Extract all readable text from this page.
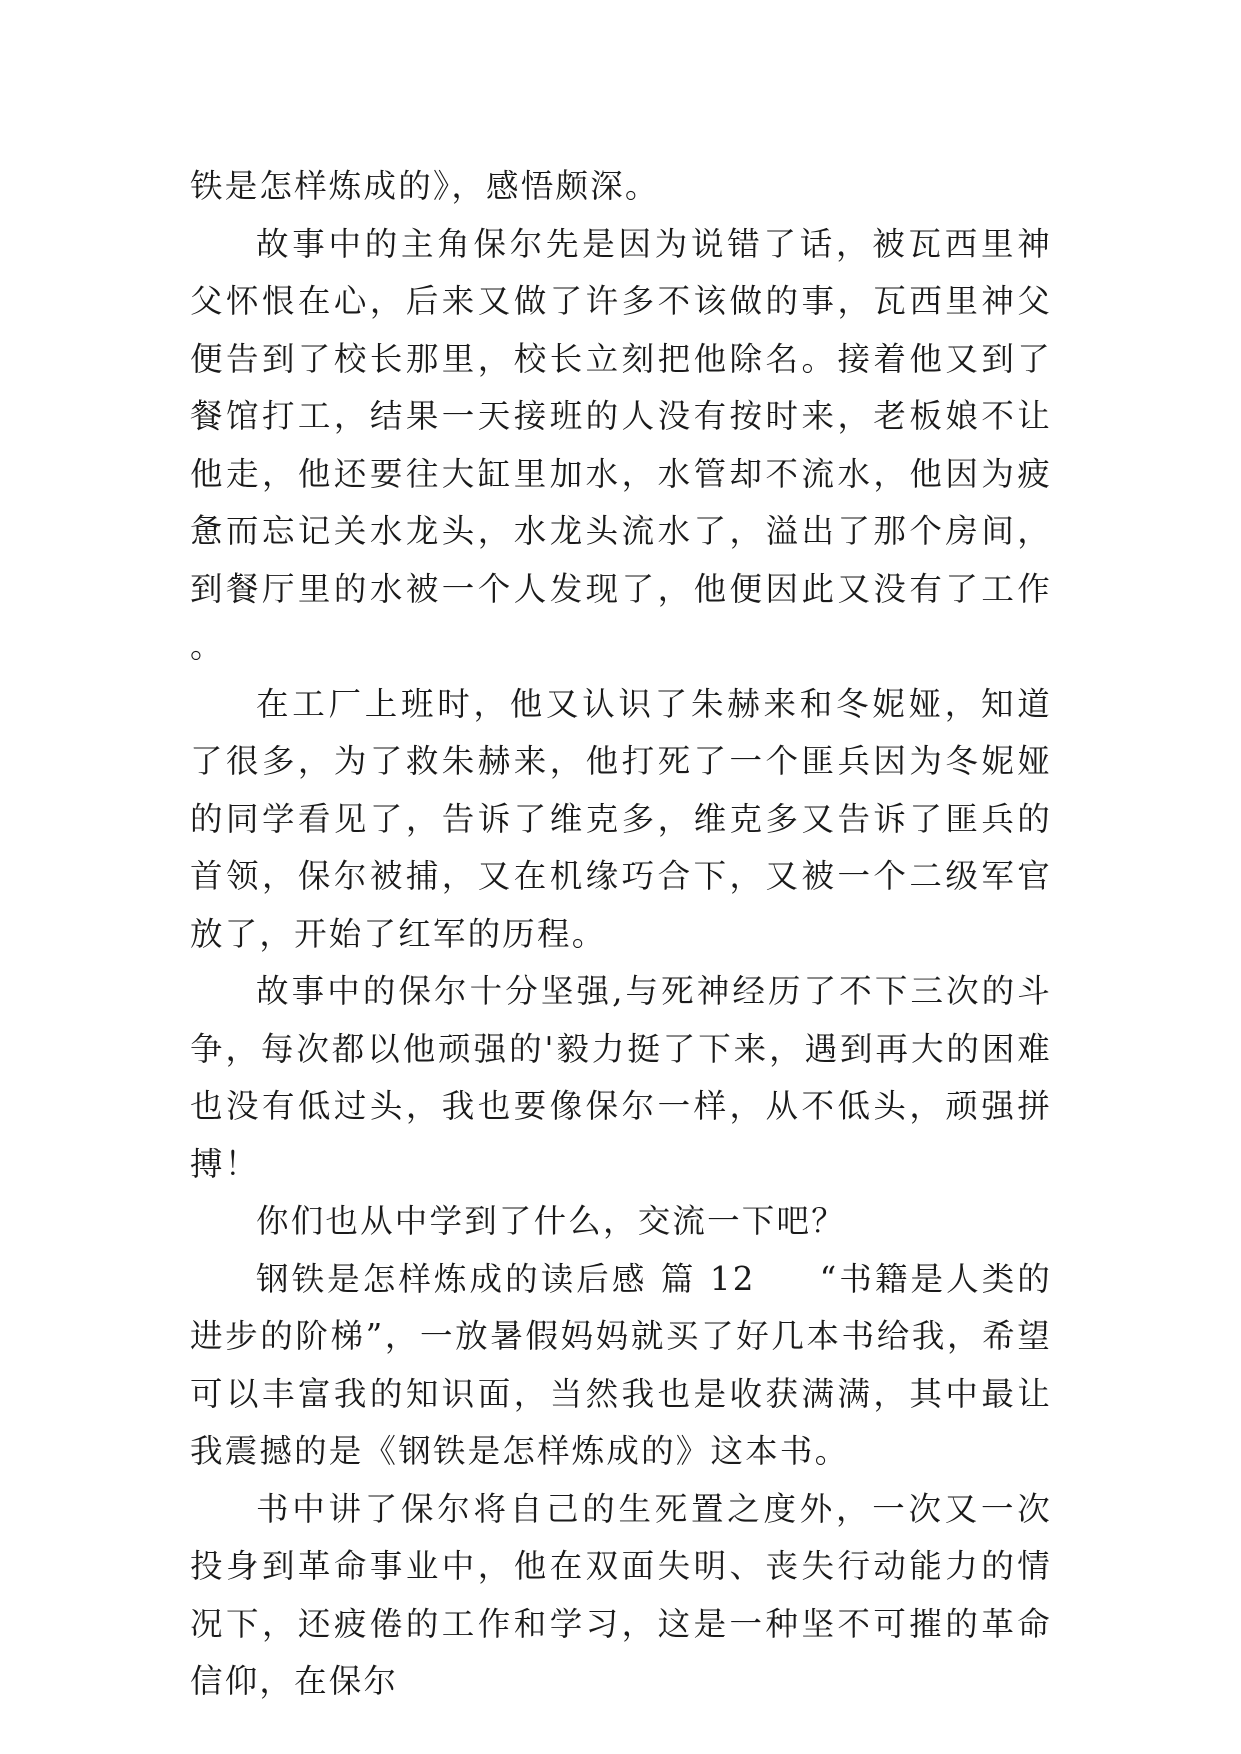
铁是怎样炼成的》，感悟颇深。

故事中的主角保尔先是因为说错了话，被瓦西里神父怀恨在心，后来又做了许多不该做的事，瓦西里神父便告到了校长那里，校长立刻把他除名。接着他又到了餐馆打工，结果一天接班的人没有按时来，老板娘不让他走，他还要往大缸里加水，水管却不流水，他因为疲惫而忘记关水龙头，水龙头流水了，溢出了那个房间，到餐厅里的水被一个人发现了，他便因此又没有了工作。

在工厂上班时，他又认识了朱赫来和冬妮娅，知道了很多，为了救朱赫来，他打死了一个匪兵因为冬妮娅的同学看见了，告诉了维克多，维克多又告诉了匪兵的首领，保尔被捕，又在机缘巧合下，又被一个二级军官放了，开始了红军的历程。

故事中的保尔十分坚强,与死神经历了不下三次的斗争，每次都以他顽强的'毅力挺了下来，遇到再大的困难也没有低过头，我也要像保尔一样，从不低头，顽强拼搏！

你们也从中学到了什么，交流一下吧？

钢铁是怎样炼成的读后感 篇 12 “书籍是人类的进步的阶梯”，一放暑假妈妈就买了好几本书给我，希望可以丰富我的知识面，当然我也是收获满满，其中最让我震撼的是《钢铁是怎样炼成的》这本书。

书中讲了保尔将自己的生死置之度外，一次又一次投身到革命事业中，他在双面失明、丧失行动能力的情况下，还疲倦的工作和学习，这是一种坚不可摧的革命信仰，在保尔
